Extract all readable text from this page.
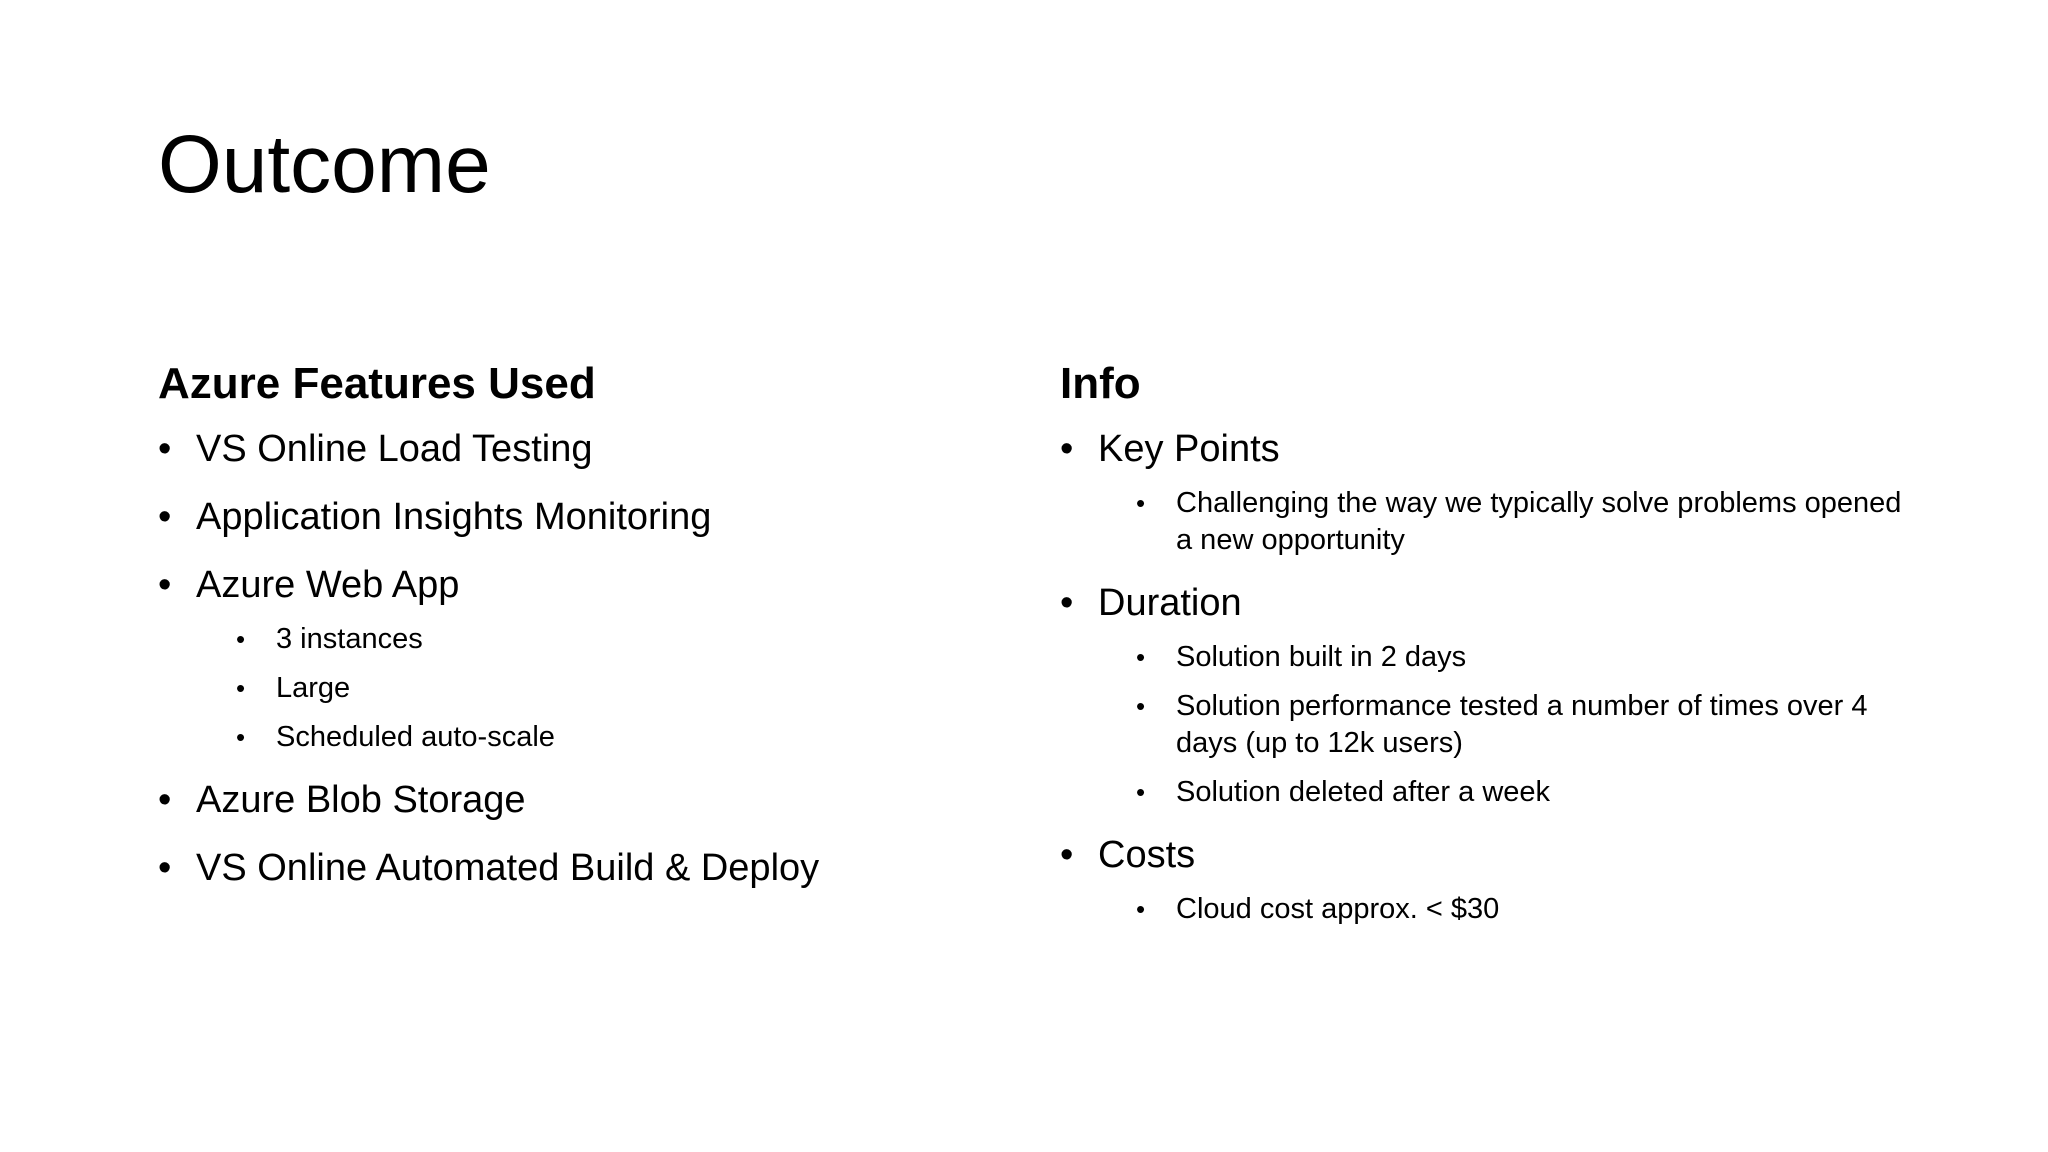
Outcome
Azure Features Used
• VS Online Load Testing
• Application Insights Monitoring
• Azure Web App
• 3 instances
• Large
• Scheduled auto-scale
• Azure Blob Storage
• VS Online Automated Build & Deploy
Info
• Key Points
• Challenging the way we typically solve problems opened a new opportunity
• Duration
• Solution built in 2 days
• Solution performance tested a number of times over 4 days (up to 12k users)
• Solution deleted after a week
• Costs
• Cloud cost approx. < $30
